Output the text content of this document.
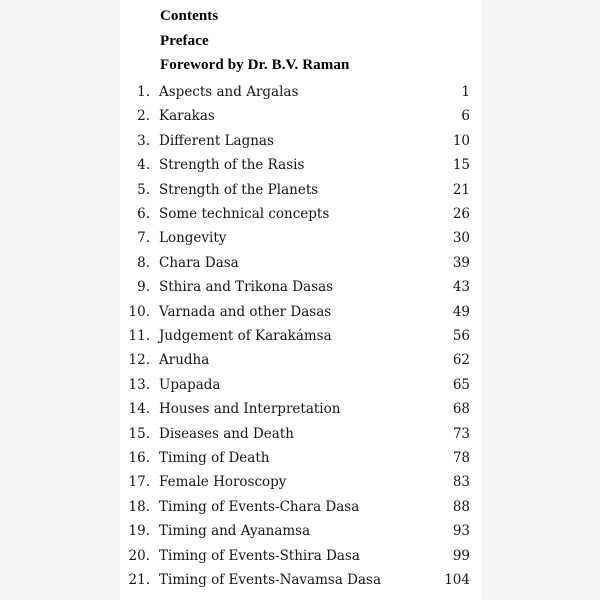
Contents
Preface
Foreword by Dr. B.V. Raman
1. Aspects and Argalas	1
2. Karakas	6
3. Different Lagnas	10
4. Strength of the Rasis	15
5. Strength of the Planets	21
6. Some technical concepts	26
7. Longevity	30
8. Chara Dasa	39
9. Sthira and Trikona Dasas	43
10. Varnada and other Dasas	49
11. Judgement of Karakámsa	56
12. Arudha	62
13. Upapada	65
14. Houses and Interpretation	68
15. Diseases and Death	73
16. Timing of Death	78
17. Female Horoscopy	83
18. Timing of Events-Chara Dasa	88
19. Timing and Ayanamsa	93
20. Timing of Events-Sthira Dasa	99
21. Timing of Events-Navamsa Dasa	104
